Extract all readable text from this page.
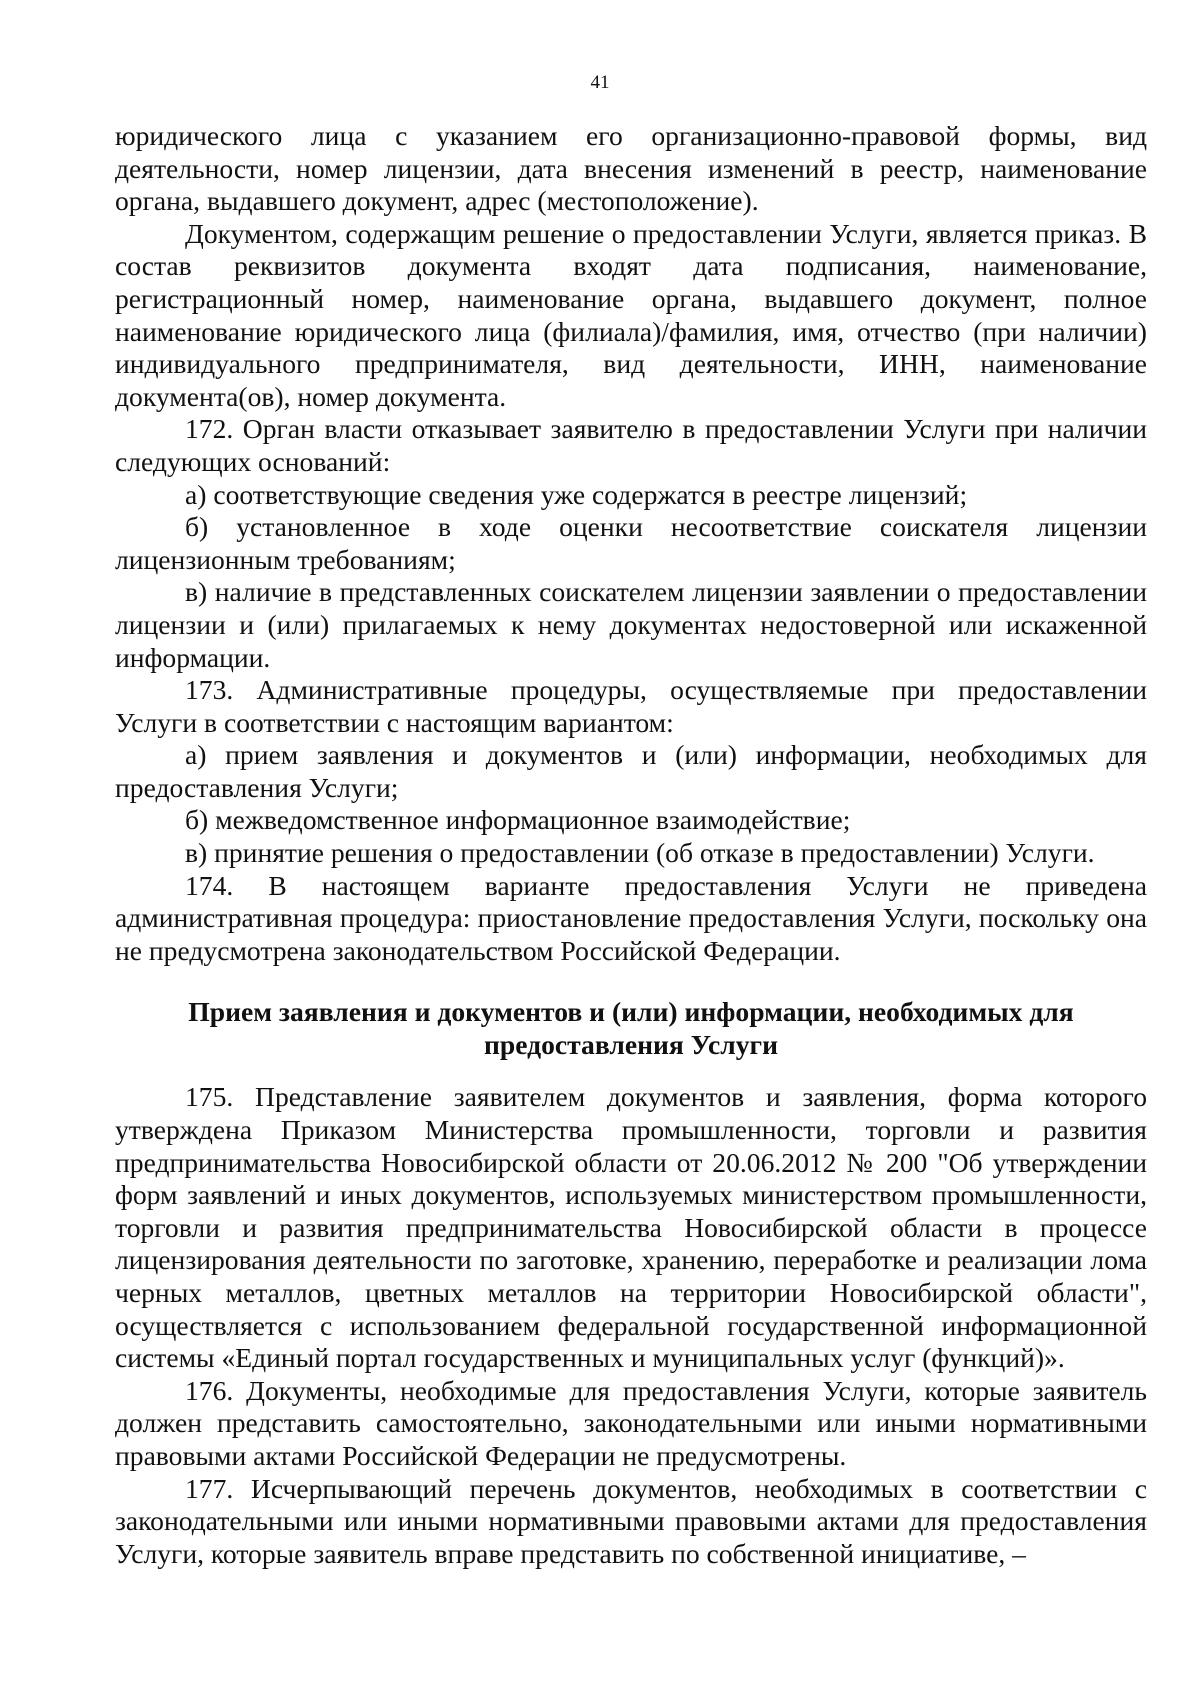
41

юридического лица с указанием его организационно-правовой формы, вид деятельности, номер лицензии, дата внесения изменений в реестр, наименование органа, выдавшего документ, адрес (местоположение).

Документом, содержащим решение о предоставлении Услуги, является приказ. В состав реквизитов документа входят дата подписания, наименование, регистрационный номер, наименование органа, выдавшего документ, полное наименование юридического лица (филиала)/фамилия, имя, отчество (при наличии) индивидуального предпринимателя, вид деятельности, ИНН, наименование документа(ов), номер документа.

172. Орган власти отказывает заявителю в предоставлении Услуги при наличии следующих оснований:

а) соответствующие сведения уже содержатся в реестре лицензий;

б) установленное в ходе оценки несоответствие соискателя лицензии лицензионным требованиям;

в) наличие в представленных соискателем лицензии заявлении о предоставлении лицензии и (или) прилагаемых к нему документах недостоверной или искаженной информации.

173. Административные процедуры, осуществляемые при предоставлении Услуги в соответствии с настоящим вариантом:

а) прием заявления и документов и (или) информации, необходимых для предоставления Услуги;

б) межведомственное информационное взаимодействие;

в) принятие решения о предоставлении (об отказе в предоставлении) Услуги.

174. В настоящем варианте предоставления Услуги не приведена административная процедура: приостановление предоставления Услуги, поскольку она не предусмотрена законодательством Российской Федерации.

Прием заявления и документов и (или) информации, необходимых для предоставления Услуги

175. Представление заявителем документов и заявления, форма которого утверждена Приказом Министерства промышленности, торговли и развития предпринимательства Новосибирской области от 20.06.2012 № 200 "Об утверждении форм заявлений и иных документов, используемых министерством промышленности, торговли и развития предпринимательства Новосибирской области в процессе лицензирования деятельности по заготовке, хранению, переработке и реализации лома черных металлов, цветных металлов на территории Новосибирской области", осуществляется с использованием федеральной государственной информационной системы «Единый портал государственных и муниципальных услуг (функций)».

176. Документы, необходимые для предоставления Услуги, которые заявитель должен представить самостоятельно, законодательными или иными нормативными правовыми актами Российской Федерации не предусмотрены.

177. Исчерпывающий перечень документов, необходимых в соответствии с законодательными или иными нормативными правовыми актами для предоставления Услуги, которые заявитель вправе представить по собственной инициативе, –
